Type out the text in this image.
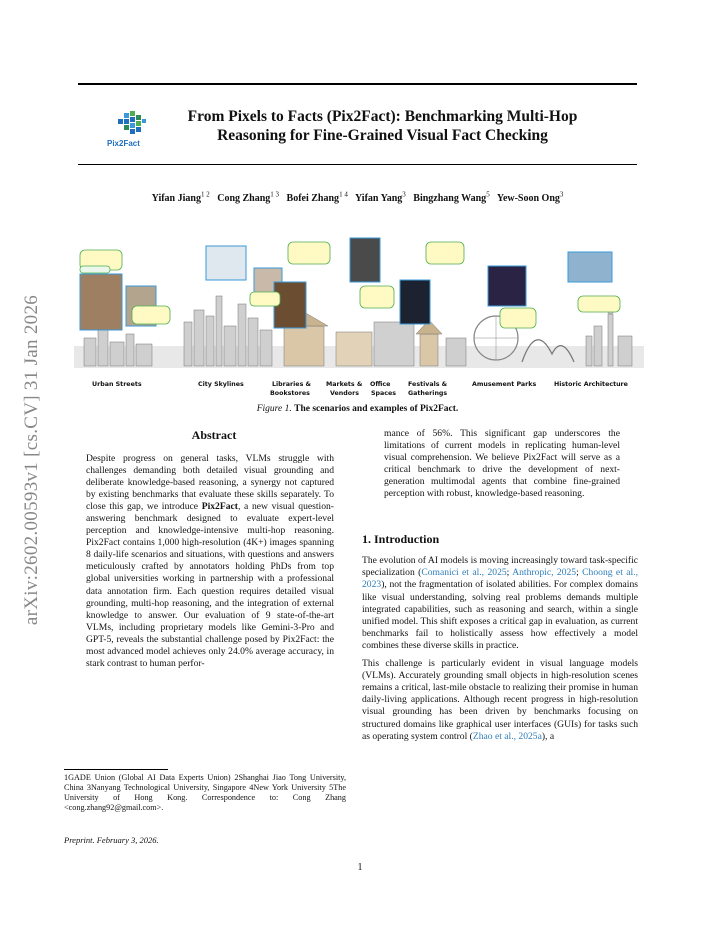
arXiv:2602.00593v1 [cs.CV] 31 Jan 2026
Pix2Fact
From Pixels to Facts (Pix2Fact): Benchmarking Multi-Hop
Reasoning for Fine-Grained Visual Fact Checking
Yifan Jiang$^{1 2}$ Cong Zhang$^{1 3}$ Bofei Zhang$^{1 4}$ Yifan Yang$^3$ Bingzhang Wang$^5$ Yew-Soon Ong$^3$
Urban Streets	City Skylines	Libraries &
Bookstores
Markets &
Vendors
Office
Spaces
Festivals &
Gatherings
Amusement Parks	Historic Architecture
Figure 1. The scenarios and examples of Pix2Fact.
Abstract

Despite progress on general tasks, VLMs struggle with challenges demanding both detailed visual grounding and deliberate knowledge-based reasoning, a synergy not captured by existing benchmarks that evaluate these skills separately. To close this gap, we introduce Pix2Fact, a new visual question-answering benchmark designed to evaluate expert-level perception and knowledge-intensive multi-hop reasoning. Pix2Fact contains 1,000 high-resolution (4K+) images spanning 8 daily-life scenarios and situations, with questions and answers meticulously crafted by annotators holding PhDs from top global universities working in partnership with a professional data annotation firm. Each question requires detailed visual grounding, multi-hop reasoning, and the integration of external knowledge to answer. Our evaluation of 9 state-of-the-art VLMs, including proprietary models like Gemini-3-Pro and GPT-5, reveals the substantial challenge posed by Pix2Fact: the most advanced model achieves only 24.0% average accuracy, in stark contrast to human perfor-

mance of 56%. This significant gap underscores the limitations of current models in replicating human-level visual comprehension. We believe Pix2Fact will serve as a critical benchmark to drive the development of next-generation multimodal agents that combine fine-grained perception with robust, knowledge-based reasoning.

1. Introduction

The evolution of AI models is moving increasingly toward task-specific specialization (Comanici et al., 2025; Anthropic, 2025; Choong et al., 2023), not the fragmentation of isolated abilities. For complex domains like visual understanding, solving real problems demands multiple integrated capabilities, such as reasoning and search, within a single unified model. This shift exposes a critical gap in evaluation, as current benchmarks fail to holistically assess how effectively a model combines these diverse skills in practice.

This challenge is particularly evident in visual language models (VLMs). Accurately grounding small objects in high-resolution scenes remains a critical, last-mile obstacle to realizing their promise in human daily-living applications. Although recent progress in high-resolution visual grounding has been driven by benchmarks focusing on structured domains like graphical user interfaces (GUIs) for tasks such as operating system control (Zhao et al., 2025a), a

1GADE Union (Global AI Data Experts Union) 2Shanghai Jiao Tong University, China 3Nanyang Technological University, Singapore 4New York University 5The University of Hong Kong. Correspondence to: Cong Zhang <cong.zhang92@gmail.com>.
Preprint. February 3, 2026.
1
